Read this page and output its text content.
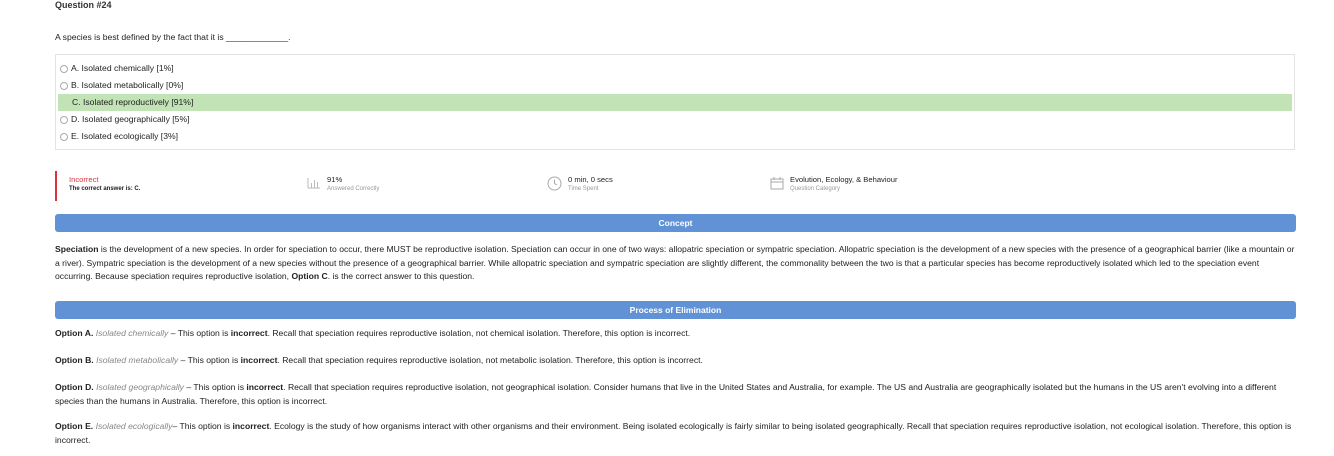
Question #24
A species is best defined by the fact that it is _____________.
A. Isolated chemically [1%]
B. Isolated metabolically [0%]
C. Isolated reproductively [91%]
D. Isolated geographically [5%]
E. Isolated ecologically [3%]
Incorrect
The correct answer is: C.
91%
Answered Correctly
0 min, 0 secs
Time Spent
Evolution, Ecology, & Behaviour
Question Category
Concept
Speciation is the development of a new species. In order for speciation to occur, there MUST be reproductive isolation. Speciation can occur in one of two ways: allopatric speciation or sympatric speciation. Allopatric speciation is the development of a new species with the presence of a geographical barrier (like a mountain or a river). Sympatric speciation is the development of a new species without the presence of a geographical barrier. While allopatric speciation and sympatric speciation are slightly different, the commonality between the two is that a particular species has become reproductively isolated which led to the speciation event occurring. Because speciation requires reproductive isolation, Option C. is the correct answer to this question.
Process of Elimination
Option A. Isolated chemically – This option is incorrect. Recall that speciation requires reproductive isolation, not chemical isolation. Therefore, this option is incorrect.
Option B. Isolated metabolically – This option is incorrect. Recall that speciation requires reproductive isolation, not metabolic isolation. Therefore, this option is incorrect.
Option D. Isolated geographically – This option is incorrect. Recall that speciation requires reproductive isolation, not geographical isolation. Consider humans that live in the United States and Australia, for example. The US and Australia are geographically isolated but the humans in the US aren't evolving into a different species than the humans in Australia. Therefore, this option is incorrect.
Option E. Isolated ecologically– This option is incorrect. Ecology is the study of how organisms interact with other organisms and their environment. Being isolated ecologically is fairly similar to being isolated geographically. Recall that speciation requires reproductive isolation, not ecological isolation. Therefore, this option is incorrect.
